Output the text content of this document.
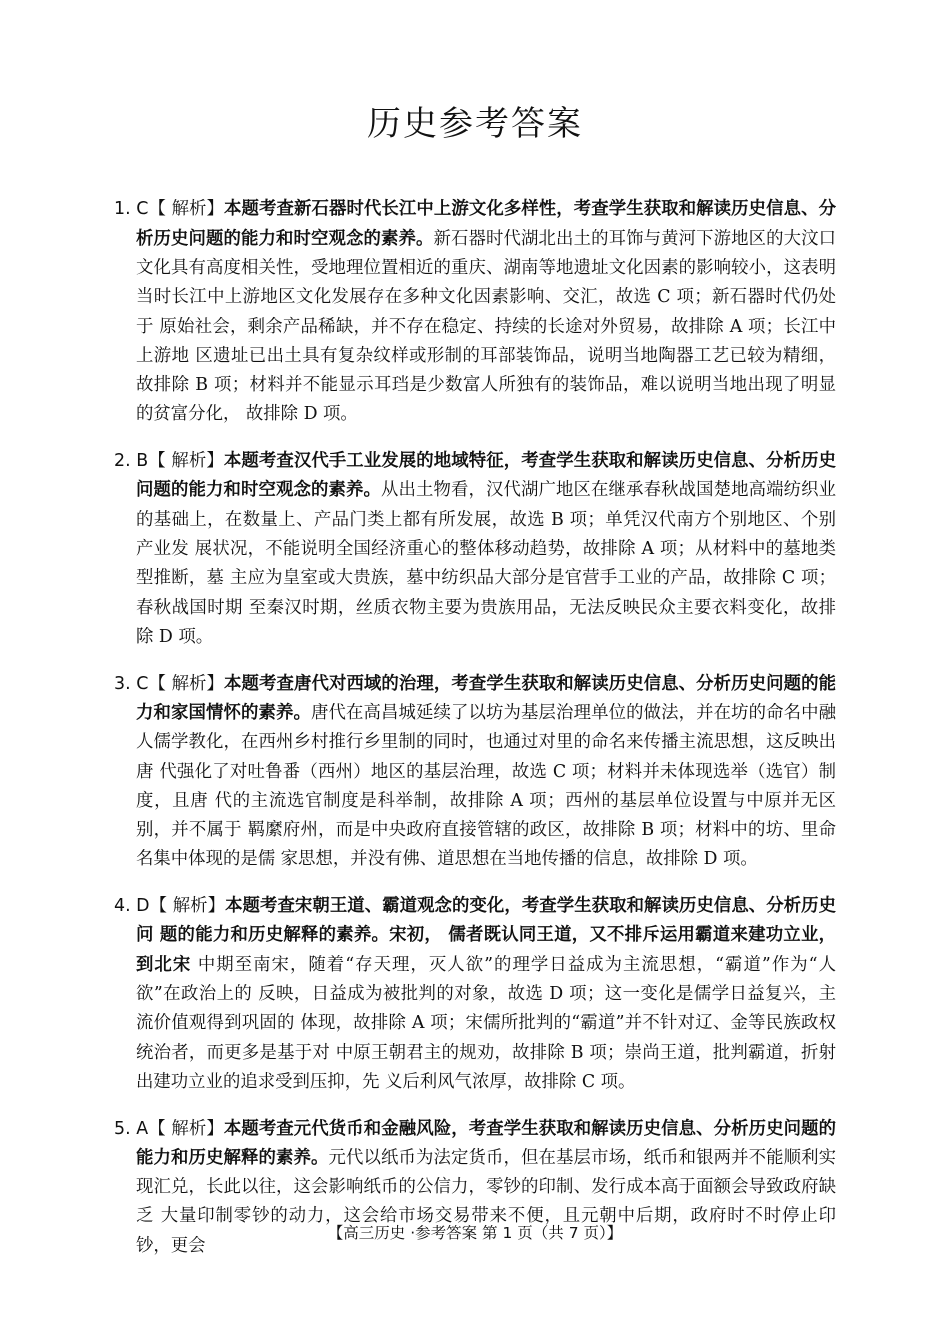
历史参考答案

1. C【 解析】本题考查新石器时代长江中上游文化多样性，考查学生获取和解读历史信息、分析历史问题的能力和时空观念的素养。新石器时代湖北出土的耳饰与黄河下游地区的大汶口文化具有高度相关性，受地理位置相近的重庆、湖南等地遗址文化因素的影响较小，这表明当时长江中上游地区文化发展存在多种文化因素影响、交汇，故选 C 项；新石器时代仍处于 原始社会，剩余产品稀缺，并不存在稳定、持续的长途对外贸易，故排除 A 项；长江中上游地 区遗址已出土具有复杂纹样或形制的耳部装饰品，说明当地陶器工艺已较为精细，故排除 B 项；材料并不能显示耳珰是少数富人所独有的装饰品，难以说明当地出现了明显的贫富分化， 故排除 D 项。

2. B【 解析】本题考查汉代手工业发展的地域特征，考查学生获取和解读历史信息、分析历史 问题的能力和时空观念的素养。从出土物看，汉代湖广地区在继承春秋战国楚地高端纺织业 的基础上，在数量上、产品门类上都有所发展，故选 B 项；单凭汉代南方个别地区、个别产业发 展状况，不能说明全国经济重心的整体移动趋势，故排除 A 项；从材料中的墓地类型推断，墓 主应为皇室或大贵族，墓中纺织品大部分是官营手工业的产品，故排除 C 项；春秋战国时期 至秦汉时期，丝质衣物主要为贵族用品，无法反映民众主要衣料变化，故排除 D 项。

3. C【 解析】本题考查唐代对西域的治理，考查学生获取和解读历史信息、分析历史问题的能 力和家国情怀的素养。唐代在高昌城延续了以坊为基层治理单位的做法，并在坊的命名中融 人儒学教化，在西州乡村推行乡里制的同时，也通过对里的命名来传播主流思想，这反映出唐 代强化了对吐鲁番（西州）地区的基层治理，故选 C 项；材料并未体现选举（选官）制度，且唐 代的主流选官制度是科举制，故排除 A 项；西州的基层单位设置与中原并无区别，并不属于 羁縻府州，而是中央政府直接管辖的政区，故排除 B 项；材料中的坊、里命名集中体现的是儒 家思想，并没有佛、道思想在当地传播的信息，故排除 D 项。

4. D【 解析】本题考查宋朝王道、霸道观念的变化，考查学生获取和解读历史信息、分析历史问 题的能力和历史解释的素养。宋初， 儒者既认同王道，又不排斥运用霸道来建功立业，到北宋 中期至南宋，随着“存天理，灭人欲”的理学日益成为主流思想，“霸道”作为“人欲”在政治上的 反映，日益成为被批判的对象，故选 D 项；这一变化是儒学日益复兴，主流价值观得到巩固的 体现，故排除 A 项；宋儒所批判的“霸道”并不针对辽、金等民族政权统治者，而更多是基于对 中原王朝君主的规劝，故排除 B 项；崇尚王道，批判霸道，折射出建功立业的追求受到压抑，先 义后利风气浓厚，故排除 C 项。

5. A【 解析】本题考查元代货币和金融风险，考查学生获取和解读历史信息、分析历史问题的 能力和历史解释的素养。元代以纸币为法定货币，但在基层市场，纸币和银两并不能顺利实 现汇兑，长此以往，这会影响纸币的公信力，零钞的印制、发行成本高于面额会导致政府缺乏 大量印制零钞的动力，这会给市场交易带来不便，且元朝中后期，政府时不时停止印钞，更会

【高三历史 ·参考答案 第 1 页（共 7 页）】
